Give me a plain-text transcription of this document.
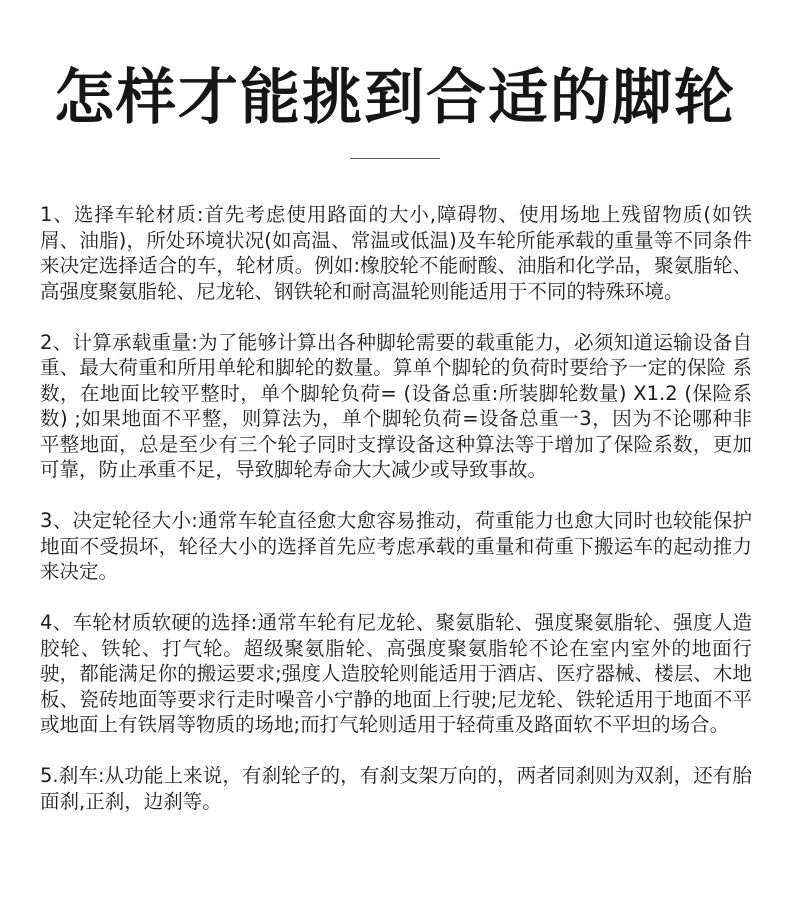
怎样才能挑到合适的脚轮

1、选择车轮材质:首先考虑使用路面的大小,障碍物、使用场地上残留物质(如铁屑、油脂)，所处环境状况(如高温、常温或低温)及车轮所能承载的重量等不同条件来决定选择适合的车，轮材质。例如:橡胶轮不能耐酸、油脂和化学品，聚氨脂轮、高强度聚氨脂轮、尼龙轮、钢铁轮和耐高温轮则能适用于不同的特殊环境。

2、计算承载重量:为了能够计算出各种脚轮需要的载重能力，必须知道运输设备自重、最大荷重和所用单轮和脚轮的数量。算单个脚轮的负荷时要给予一定的保险 系数，在地面比较平整时，单个脚轮负荷= (设备总重:所装脚轮数量) X1.2 (保险系数) ;如果地面不平整，则算法为，单个脚轮负荷=设备总重一3，因为不论哪种非平整地面，总是至少有三个轮子同时支撑设备这种算法等于增加了保险系数，更加可靠，防止承重不足，导致脚轮寿命大大减少或导致事故。

3、决定轮径大小:通常车轮直径愈大愈容易推动，荷重能力也愈大同时也较能保护地面不受损坏，轮径大小的选择首先应考虑承载的重量和荷重下搬运车的起动推力来决定。

4、车轮材质软硬的选择:通常车轮有尼龙轮、聚氨脂轮、强度聚氨脂轮、强度人造胶轮、铁轮、打气轮。超级聚氨脂轮、高强度聚氨脂轮不论在室内室外的地面行驶，都能满足你的搬运要求;强度人造胶轮则能适用于酒店、医疗器械、楼层、木地板、瓷砖地面等要求行走时噪音小宁静的地面上行驶;尼龙轮、铁轮适用于地面不平或地面上有铁屑等物质的场地;而打气轮则适用于轻荷重及路面软不平坦的场合。

5.刹车:从功能上来说，有刹轮子的，有刹支架万向的，两者同刹则为双刹，还有胎面刹,正刹，边刹等。
